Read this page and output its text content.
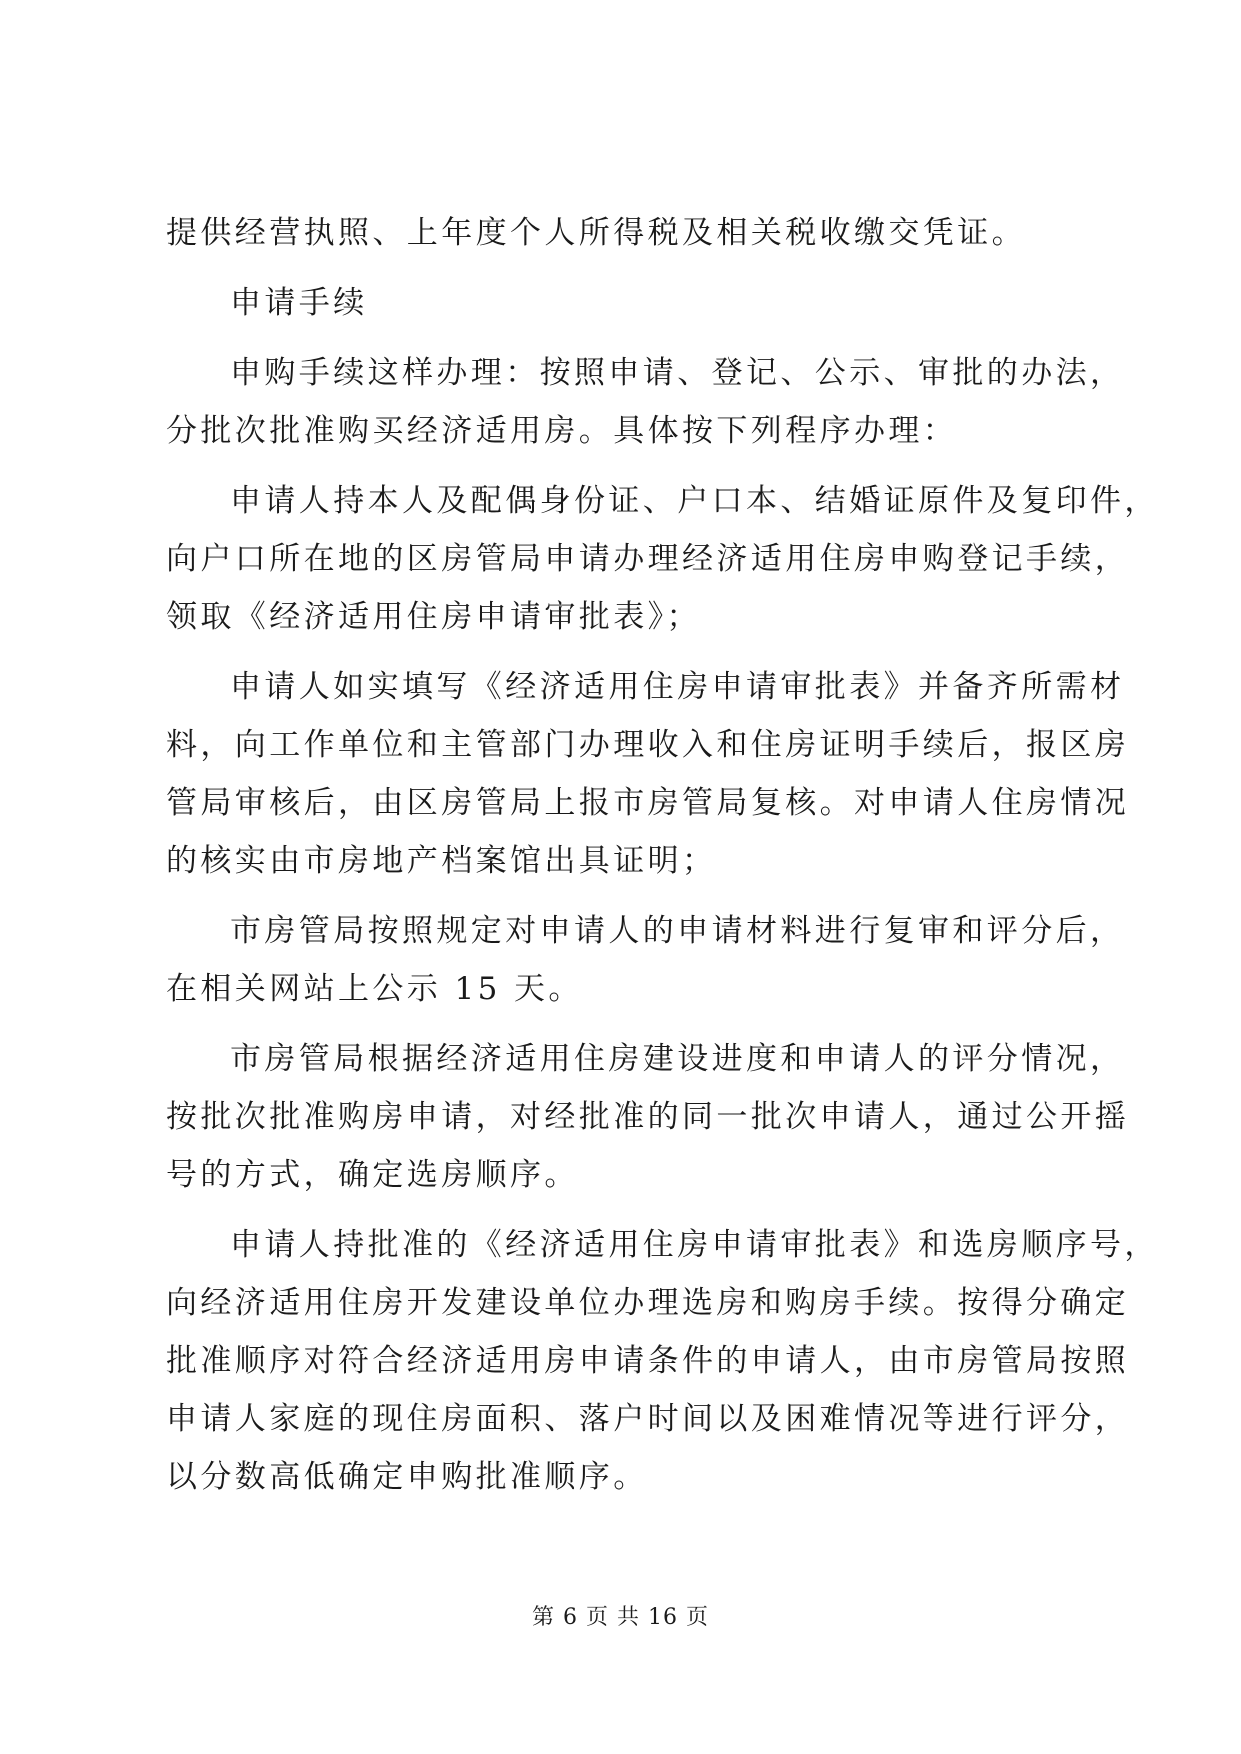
提供经营执照、上年度个人所得税及相关税收缴交凭证。
申请手续
申购手续这样办理：按照申请、登记、公示、审批的办法，
分批次批准购买经济适用房。具体按下列程序办理：
申请人持本人及配偶身份证、户口本、结婚证原件及复印件，
向户口所在地的区房管局申请办理经济适用住房申购登记手续，
领取《经济适用住房申请审批表》；
申请人如实填写《经济适用住房申请审批表》并备齐所需材
料，向工作单位和主管部门办理收入和住房证明手续后，报区房
管局审核后，由区房管局上报市房管局复核。对申请人住房情况
的核实由市房地产档案馆出具证明；
市房管局按照规定对申请人的申请材料进行复审和评分后，
在相关网站上公示 15 天。
市房管局根据经济适用住房建设进度和申请人的评分情况，
按批次批准购房申请，对经批准的同一批次申请人，通过公开摇
号的方式，确定选房顺序。
申请人持批准的《经济适用住房申请审批表》和选房顺序号，
向经济适用住房开发建设单位办理选房和购房手续。按得分确定
批准顺序对符合经济适用房申请条件的申请人，由市房管局按照
申请人家庭的现住房面积、落户时间以及困难情况等进行评分，
以分数高低确定申购批准顺序。
第 6 页 共 16 页
